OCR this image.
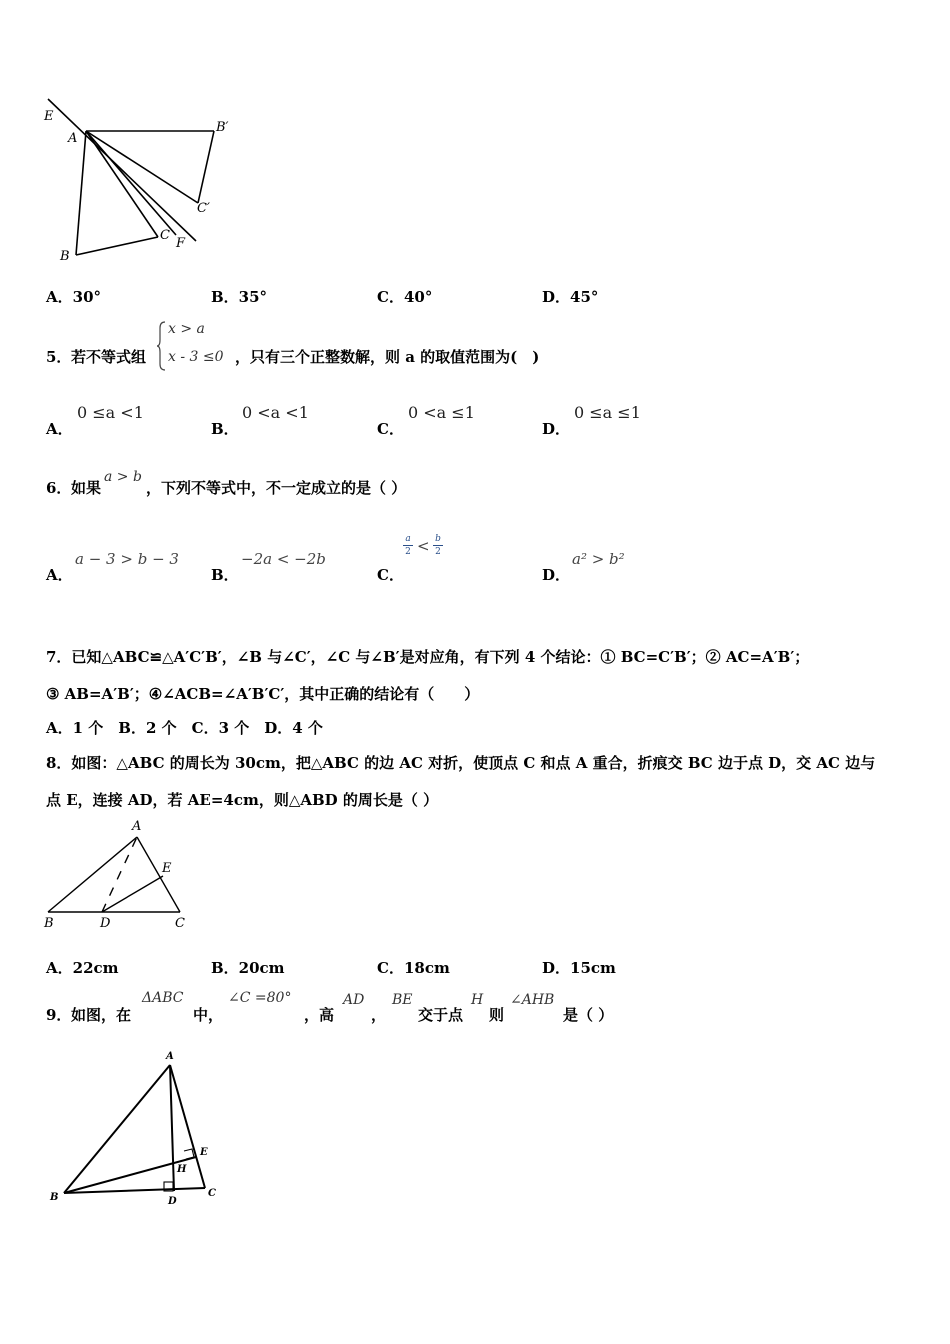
E
A
B′
C′
B
C
F
A．30°	B．35°	C．40°	D．45°
5． 若不等式组
x > a
x - 3 ≤0 ，只有三个正整数解，则 a 的取值范围为(　)
A．
0 ≤a <1
B．
0 <a <1
C．
0 <a ≤1
D．
0 ≤a ≤1
6． 如果
a > b
，下列不等式中，不一定成立的是（ ）
A．
a − 3 > b − 3
B．
−2a < −2b
C．
$\frac{a}{2} < \frac{b}{2}$
D．
a² > b²
7．已知△ABC≌△A′C′B′，∠B 与∠C′，∠C 与∠B′是对应角，有下列 4 个结论：① BC=C′B′；② AC=A′B′；
③ AB=A′B′；④∠ACB=∠A′B′C′，其中正确的结论有（　　）
A．1 个　B．2 个　C．3 个　D．4 个
8．如图：△ABC 的周长为 30cm，把△ABC 的边 AC 对折，使顶点 C 和点 A 重合，折痕交 BC 边于点 D，交 AC 边与
点 E，连接 AD，若 AE=4cm，则△ABD 的周长是（ ）
A
E
B	D	C
A．22cm	B．20cm	C．18cm	D．15cm
9． 如图，在
ΔABC
中，
∠C =80°
，高
AD
，
BE
交于点
H
则
∠AHB
是（ ）
A
E
H
B	D
C
